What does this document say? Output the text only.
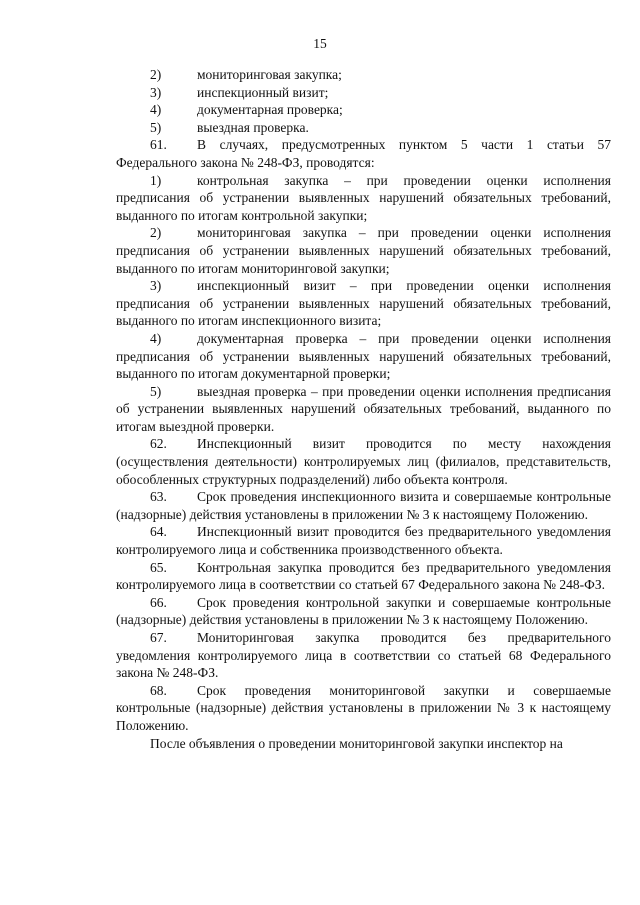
15

2)	мониторинговая закупка;

3)	инспекционный визит;

4)	документарная проверка;

5)	выездная проверка.

61. В случаях, предусмотренных пунктом 5 части 1 статьи 57 Федерального закона № 248-ФЗ, проводятся:

1)	контрольная закупка – при проведении оценки исполнения предписания об устранении выявленных нарушений обязательных требований, выданного по итогам контрольной закупки;

2)	мониторинговая закупка – при проведении оценки исполнения предписания об устранении выявленных нарушений обязательных требований, выданного по итогам мониторинговой закупки;

3)	инспекционный визит – при проведении оценки исполнения предписания об устранении выявленных нарушений обязательных требований, выданного по итогам инспекционного визита;

4)	документарная проверка – при проведении оценки исполнения предписания об устранении выявленных нарушений обязательных требований, выданного по итогам документарной проверки;

5)	выездная проверка – при проведении оценки исполнения предписания об устранении выявленных нарушений обязательных требований, выданного по итогам выездной проверки.

62. Инспекционный визит проводится по месту нахождения (осуществления деятельности) контролируемых лиц (филиалов, представительств, обособленных структурных подразделений) либо объекта контроля.

63. Срок проведения инспекционного визита и совершаемые контрольные (надзорные) действия установлены в приложении № 3 к настоящему Положению.

64. Инспекционный визит проводится без предварительного уведомления контролируемого лица и собственника производственного объекта.

65. Контрольная закупка проводится без предварительного уведомления контролируемого лица в соответствии со статьей 67 Федерального закона № 248-ФЗ.

66. Срок проведения контрольной закупки и совершаемые контрольные (надзорные) действия установлены в приложении № 3 к настоящему Положению.

67. Мониторинговая закупка проводится без предварительного уведомления контролируемого лица в соответствии со статьей 68 Федерального закона № 248-ФЗ.

68. Срок проведения мониторинговой закупки и совершаемые контрольные (надзорные) действия установлены в приложении № 3 к настоящему Положению.

После объявления о проведении мониторинговой закупки инспектор на
